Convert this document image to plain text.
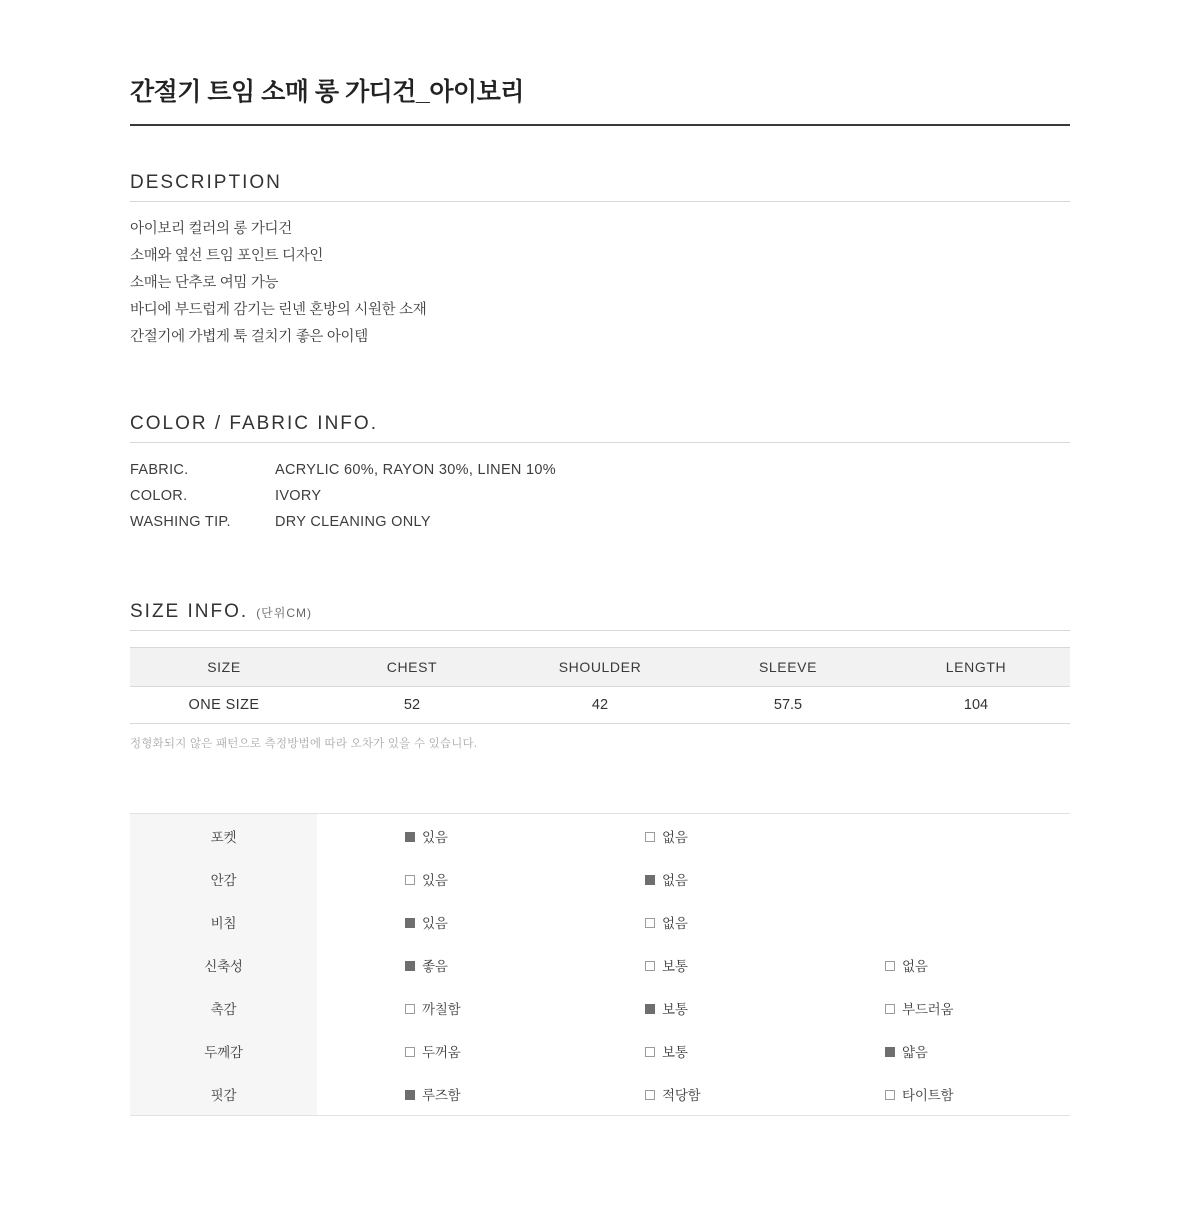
간절기 트임 소매 롱 가디건_아이보리
DESCRIPTION
아이보리 컬러의 롱 가디건
소매와 옆선 트임 포인트 디자인
소매는 단추로 여밈 가능
바디에 부드럽게 감기는 린넨 혼방의 시원한 소재
간절기에 가볍게 툭 걸치기 좋은 아이템
COLOR / FABRIC INFO.
FABRIC.	ACRYLIC 60%, RAYON 30%, LINEN 10%
COLOR.	IVORY
WASHING TIP.	DRY CLEANING ONLY
SIZE INFO. (단위CM)
SIZE	CHEST	SHOULDER	SLEEVE	LENGTH
ONE SIZE	52	42	57.5	104
정형화되지 않은 패턴으로 측정방법에 따라 오차가 있을 수 있습니다.
포켓		있음	없음	
안감		있음	없음	
비침		있음	없음	
신축성		좋음	보통	없음
촉감		까칠함	보통	부드러움
두께감		두꺼움	보통	얇음
핏감		루즈함	적당함	타이트함
